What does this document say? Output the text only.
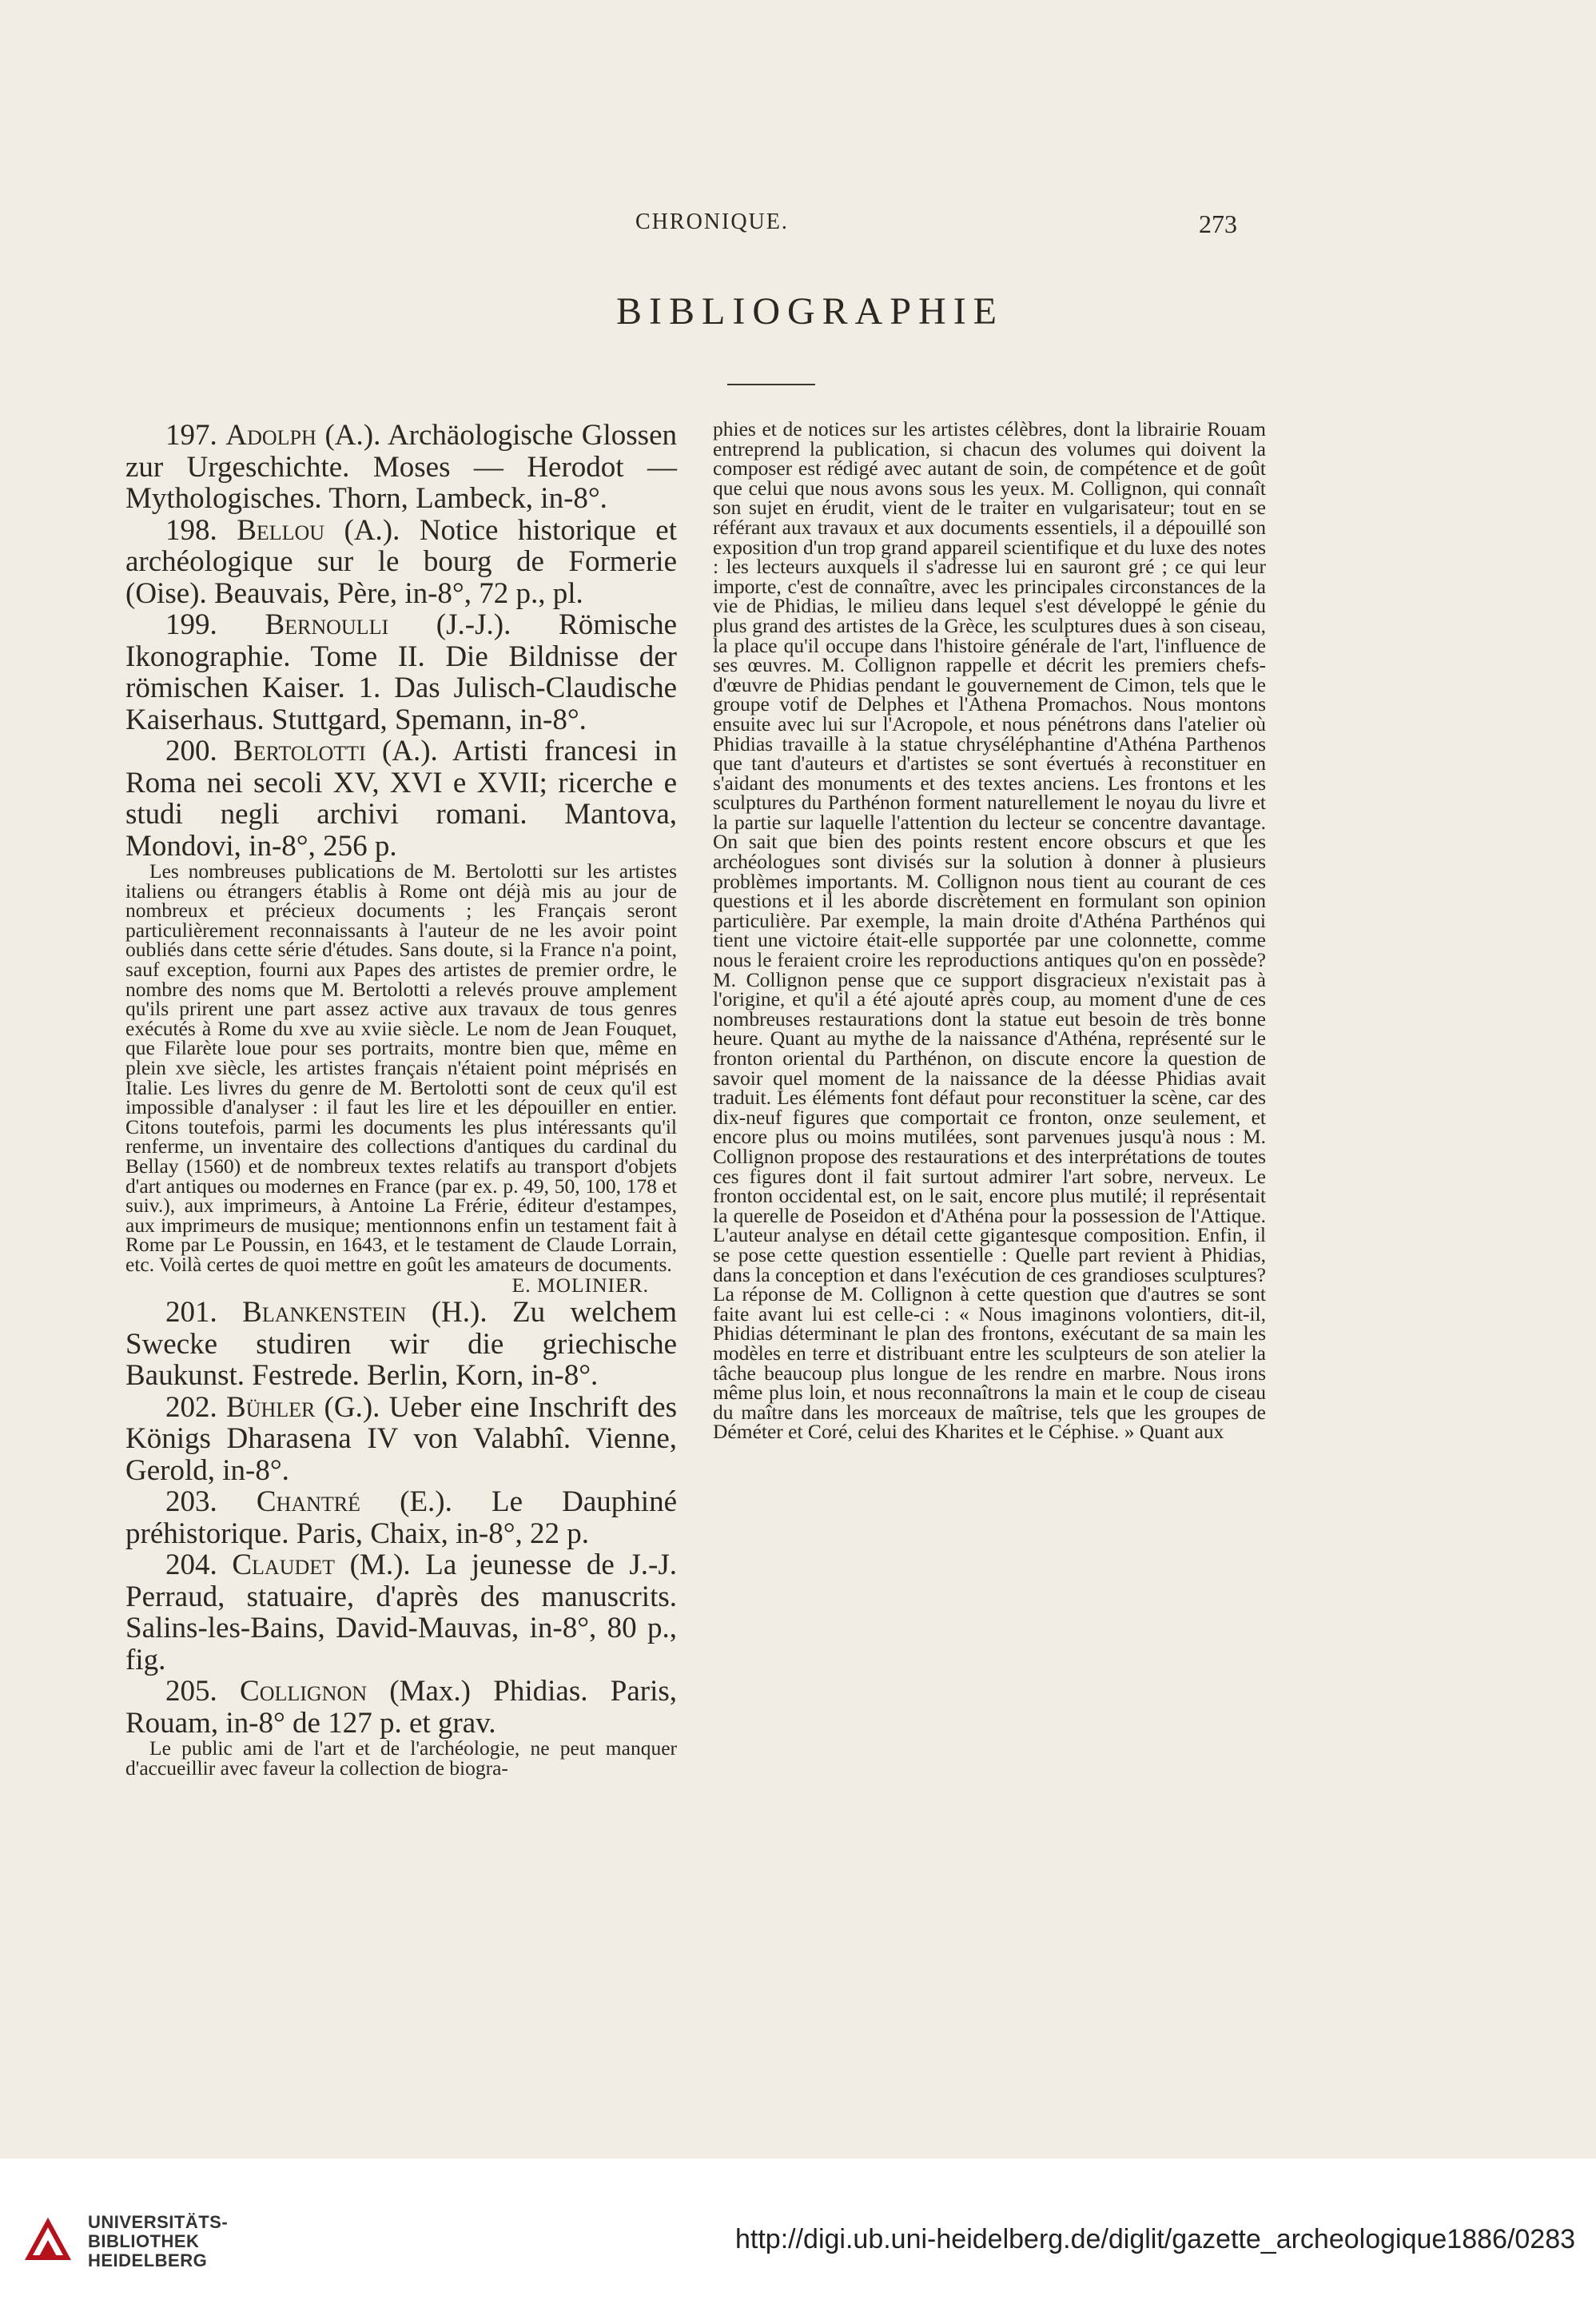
CHRONIQUE.	273
BIBLIOGRAPHIE

197. Adolph (A.). Archäologische Glossen zur Urgeschichte. Moses — Herodot — Mythologisches. Thorn, Lambeck, in-8°.

198. Bellou (A.). Notice historique et archéologique sur le bourg de Formerie (Oise). Beauvais, Père, in-8°, 72 p., pl.

199. Bernoulli (J.-J.). Römische Ikonographie. Tome II. Die Bildnisse der römischen Kaiser. 1. Das Julisch-Claudische Kaiserhaus. Stuttgard, Spemann, in-8°.

200. Bertolotti (A.). Artisti francesi in Roma nei secoli XV, XVI e XVII; ricerche e studi negli archivi romani. Mantova, Mondovi, in-8°, 256 p.

Les nombreuses publications de M. Bertolotti sur les artistes italiens ou étrangers établis à Rome ont déjà mis au jour de nombreux et précieux documents ; les Français seront particulièrement reconnaissants à l'auteur de ne les avoir point oubliés dans cette série d'études. Sans doute, si la France n'a point, sauf exception, fourni aux Papes des artistes de premier ordre, le nombre des noms que M. Bertolotti a relevés prouve amplement qu'ils prirent une part assez active aux travaux de tous genres exécutés à Rome du xve au xviie siècle. Le nom de Jean Fouquet, que Filarète loue pour ses portraits, montre bien que, même en plein xve siècle, les artistes français n'étaient point méprisés en Italie. Les livres du genre de M. Bertolotti sont de ceux qu'il est impossible d'analyser : il faut les lire et les dépouiller en entier. Citons toutefois, parmi les documents les plus intéressants qu'il renferme, un inventaire des collections d'antiques du cardinal du Bellay (1560) et de nombreux textes relatifs au transport d'objets d'art antiques ou modernes en France (par ex. p. 49, 50, 100, 178 et suiv.), aux imprimeurs, à Antoine La Frérie, éditeur d'estampes, aux imprimeurs de musique; mentionnons enfin un testament fait à Rome par Le Poussin, en 1643, et le testament de Claude Lorrain, etc. Voilà certes de quoi mettre en goût les amateurs de documents.

E. MOLINIER.

201. Blankenstein (H.). Zu welchem Swecke studiren wir die griechische Baukunst. Festrede. Berlin, Korn, in-8°.

202. Bühler (G.). Ueber eine Inschrift des Königs Dharasena IV von Valabhî. Vienne, Gerold, in-8°.

203. Chantré (E.). Le Dauphiné préhistorique. Paris, Chaix, in-8°, 22 p.

204. Claudet (M.). La jeunesse de J.-J. Perraud, statuaire, d'après des manuscrits. Salins-les-Bains, David-Mauvas, in-8°, 80 p., fig.

205. Collignon (Max.) Phidias. Paris, Rouam, in-8° de 127 p. et grav.

Le public ami de l'art et de l'archéologie, ne peut manquer d'accueillir avec faveur la collection de biogra-

phies et de notices sur les artistes célèbres, dont la librairie Rouam entreprend la publication, si chacun des volumes qui doivent la composer est rédigé avec autant de soin, de compétence et de goût que celui que nous avons sous les yeux. M. Collignon, qui connaît son sujet en érudit, vient de le traiter en vulgarisateur; tout en se référant aux travaux et aux documents essentiels, il a dépouillé son exposition d'un trop grand appareil scientifique et du luxe des notes : les lecteurs auxquels il s'adresse lui en sauront gré ; ce qui leur importe, c'est de connaître, avec les principales circonstances de la vie de Phidias, le milieu dans lequel s'est développé le génie du plus grand des artistes de la Grèce, les sculptures dues à son ciseau, la place qu'il occupe dans l'histoire générale de l'art, l'influence de ses œuvres. M. Collignon rappelle et décrit les premiers chefs-d'œuvre de Phidias pendant le gouvernement de Cimon, tels que le groupe votif de Delphes et l'Athena Promachos. Nous montons ensuite avec lui sur l'Acropole, et nous pénétrons dans l'atelier où Phidias travaille à la statue chryséléphantine d'Athéna Parthenos que tant d'auteurs et d'artistes se sont évertués à reconstituer en s'aidant des monuments et des textes anciens. Les frontons et les sculptures du Parthénon forment naturellement le noyau du livre et la partie sur laquelle l'attention du lecteur se concentre davantage. On sait que bien des points restent encore obscurs et que les archéologues sont divisés sur la solution à donner à plusieurs problèmes importants. M. Collignon nous tient au courant de ces questions et il les aborde discrètement en formulant son opinion particulière. Par exemple, la main droite d'Athéna Parthénos qui tient une victoire était-elle supportée par une colonnette, comme nous le feraient croire les reproductions antiques qu'on en possède? M. Collignon pense que ce support disgracieux n'existait pas à l'origine, et qu'il a été ajouté après coup, au moment d'une de ces nombreuses restaurations dont la statue eut besoin de très bonne heure. Quant au mythe de la naissance d'Athéna, représenté sur le fronton oriental du Parthénon, on discute encore la question de savoir quel moment de la naissance de la déesse Phidias avait traduit. Les éléments font défaut pour reconstituer la scène, car des dix-neuf figures que comportait ce fronton, onze seulement, et encore plus ou moins mutilées, sont parvenues jusqu'à nous : M. Collignon propose des restaurations et des interprétations de toutes ces figures dont il fait surtout admirer l'art sobre, nerveux. Le fronton occidental est, on le sait, encore plus mutilé; il représentait la querelle de Poseidon et d'Athéna pour la possession de l'Attique. L'auteur analyse en détail cette gigantesque composition. Enfin, il se pose cette question essentielle : Quelle part revient à Phidias, dans la conception et dans l'exécution de ces grandioses sculptures? La réponse de M. Collignon à cette question que d'autres se sont faite avant lui est celle-ci : « Nous imaginons volontiers, dit-il, Phidias déterminant le plan des frontons, exécutant de sa main les modèles en terre et distribuant entre les sculpteurs de son atelier la tâche beaucoup plus longue de les rendre en marbre. Nous irons même plus loin, et nous reconnaîtrons la main et le coup de ciseau du maître dans les morceaux de maîtrise, tels que les groupes de Déméter et Coré, celui des Kharites et le Céphise. » Quant aux

UNIVERSITÄTS-
BIBLIOTHEK
HEIDELBERG
http://digi.ub.uni-heidelberg.de/diglit/gazette_archeologique1886/0283
